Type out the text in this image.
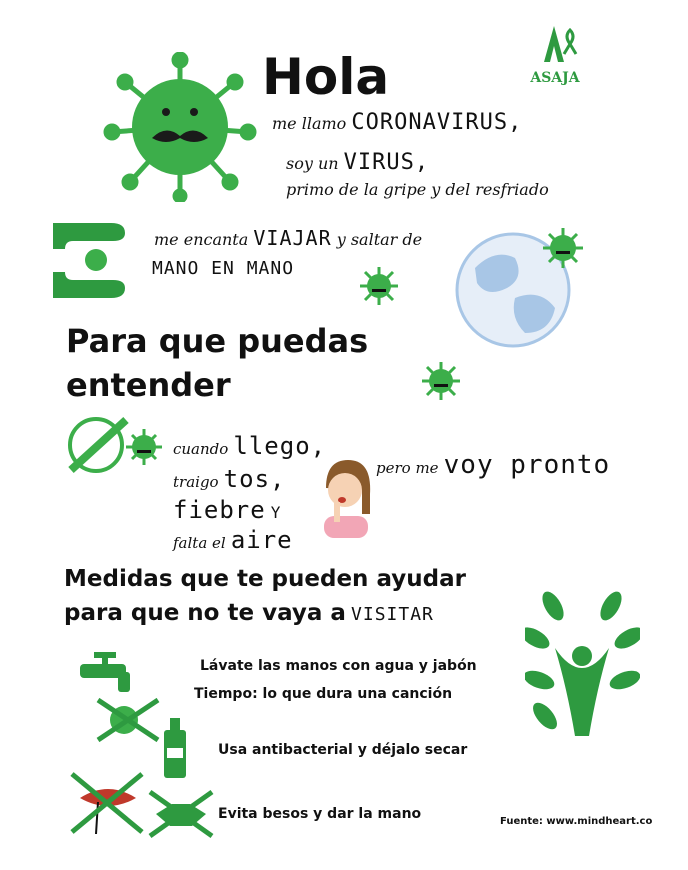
ASAJA
Hola
me llamo CORONAVIRUS,
soy un VIRUS,
primo de la gripe y del resfriado
me encanta VIAJAR y saltar de
MANO EN MANO
Para que puedas
entender
cuando llego,
traigo tos,
fiebre Y
falta el aire
pero me voy pronto
Medidas que te pueden ayudar
para que no te vaya a VISITAR
Lávate las manos con agua y jabón
Tiempo: lo que dura una canción
Usa antibacterial y déjalo secar
Evita besos y dar la mano	Fuente: www.mindheart.co
